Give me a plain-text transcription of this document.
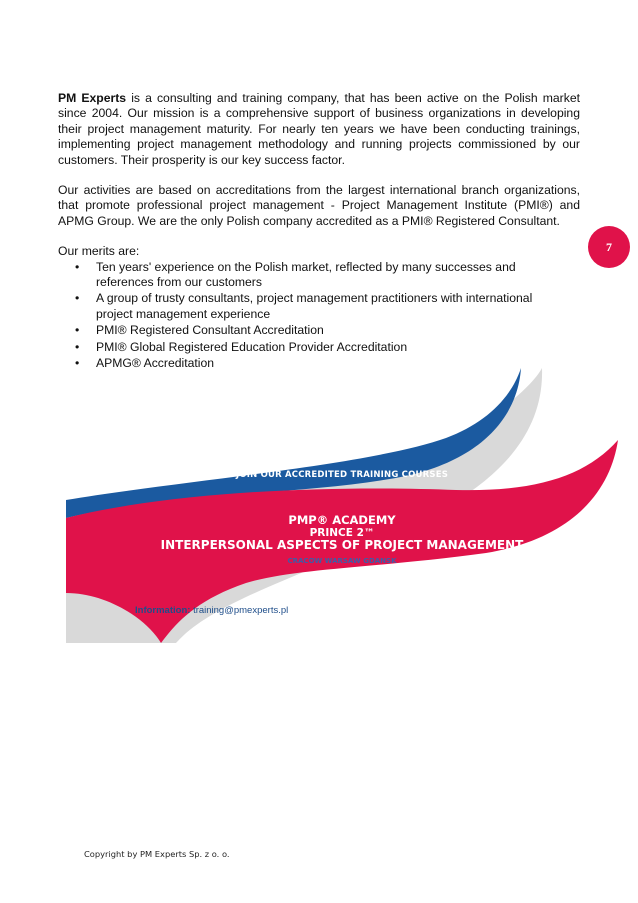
PM Experts is a consulting and training company, that has been active on the Polish market since 2004. Our mission is a comprehensive support of business organizations in developing their project management maturity. For nearly ten years we have been conducting trainings, implementing project management methodology and running projects commissioned by our customers. Their prosperity is our key success factor.

Our activities are based on accreditations from the largest international branch organizations, that promote professional project management - Project Management Institute (PMI®) and APMG Group. We are the only Polish company accredited as a PMI® Registered Consultant.

Our merits are:

• Ten years' experience on the Polish market, reflected by many successes and references from our customers
• A group of trusty consultants, project management practitioners with international project management experience
• PMI® Registered Consultant Accreditation
• PMI® Global Registered Education Provider Accreditation
• APMG® Accreditation
7
JOIN OUR ACCREDITED TRAINING COURSES
PMP® ACADEMY
PRINCE 2™
INTERPERSONAL ASPECTS OF PROJECT MANAGEMENT
CRACOW WARSAW GDANSK
Information: training@pmexperts.pl
Copyright by PM Experts Sp. z o. o.
